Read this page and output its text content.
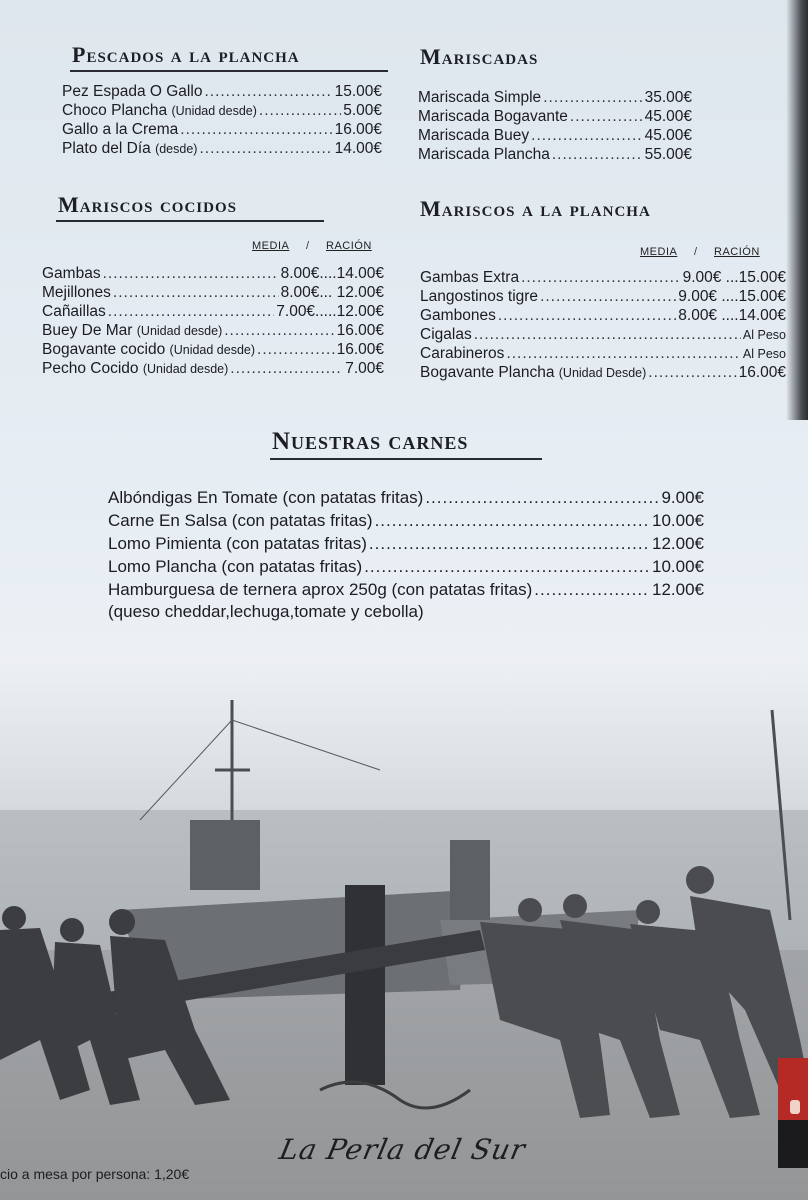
Pescados a la plancha
Pez Espada O Gallo .....	15.00€
Choco Plancha (Unidad desde) .....	5.00€
Gallo a la Crema .....	16.00€
Plato del Día (desde) .....	14.00€
Mariscadas
Mariscada Simple .....	35.00€
Mariscada Bogavante .....	45.00€
Mariscada Buey .....	45.00€
Mariscada Plancha .....	55.00€
Mariscos cocidos
MEDIA / RACIÓN
Gambas .....	8.00€....14.00€
Mejillones .....	8.00€... 12.00€
Cañaillas .....	7.00€.....12.00€
Buey De Mar (Unidad desde) .....	16.00€
Bogavante cocido (Unidad desde) .....	16.00€
Pecho Cocido (Unidad desde) .....	7.00€
Mariscos a la plancha
MEDIA / RACIÓN
Gambas Extra .....	9.00€ ...15.00€
Langostinos tigre .....	9.00€ ....15.00€
Gambones .....	8.00€ ....14.00€
Cigalas .....	Al Peso
Carabineros .....	Al Peso
Bogavante Plancha (Unidad Desde) .....	16.00€
Nuestras carnes
Albóndigas En Tomate (con patatas fritas) .....	9.00€
Carne En Salsa (con patatas fritas) .....	10.00€
Lomo Pimienta (con patatas fritas) .....	12.00€
Lomo Plancha (con patatas fritas) .....	10.00€
Hamburguesa de ternera aprox 250g (con patatas fritas) .....	12.00€
(queso cheddar,lechuga,tomate y cebolla)
La Perla del Sur
cio a mesa por persona: 1,20€
